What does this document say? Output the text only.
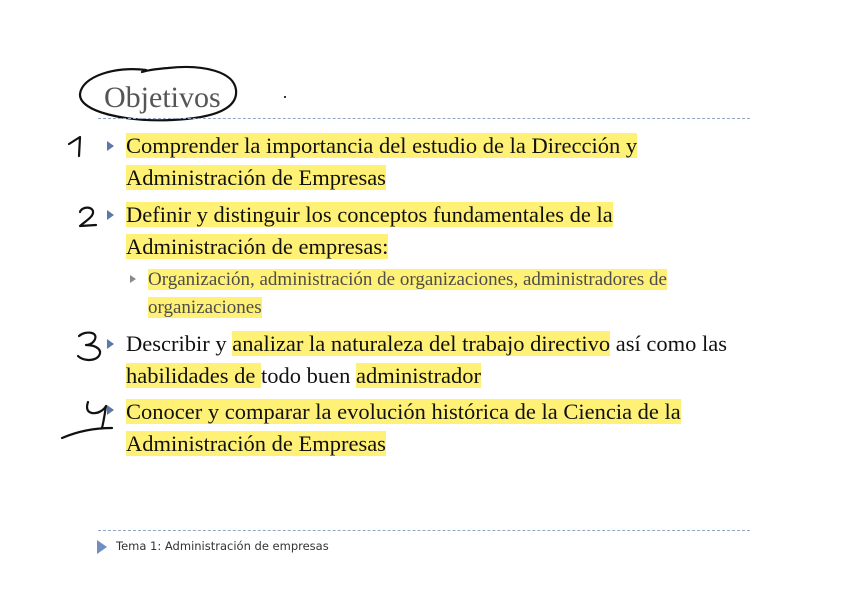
Objetivos
Comprender la importancia del estudio de la Dirección y Administración de Empresas
Definir y distinguir los conceptos fundamentales de la Administración de empresas:
Organización, administración de organizaciones, administradores de organizaciones
Describir y analizar la naturaleza del trabajo directivo así como las habilidades de todo buen administrador
Conocer y comparar la evolución histórica de la Ciencia de la Administración de Empresas
Tema 1: Administración de empresas
